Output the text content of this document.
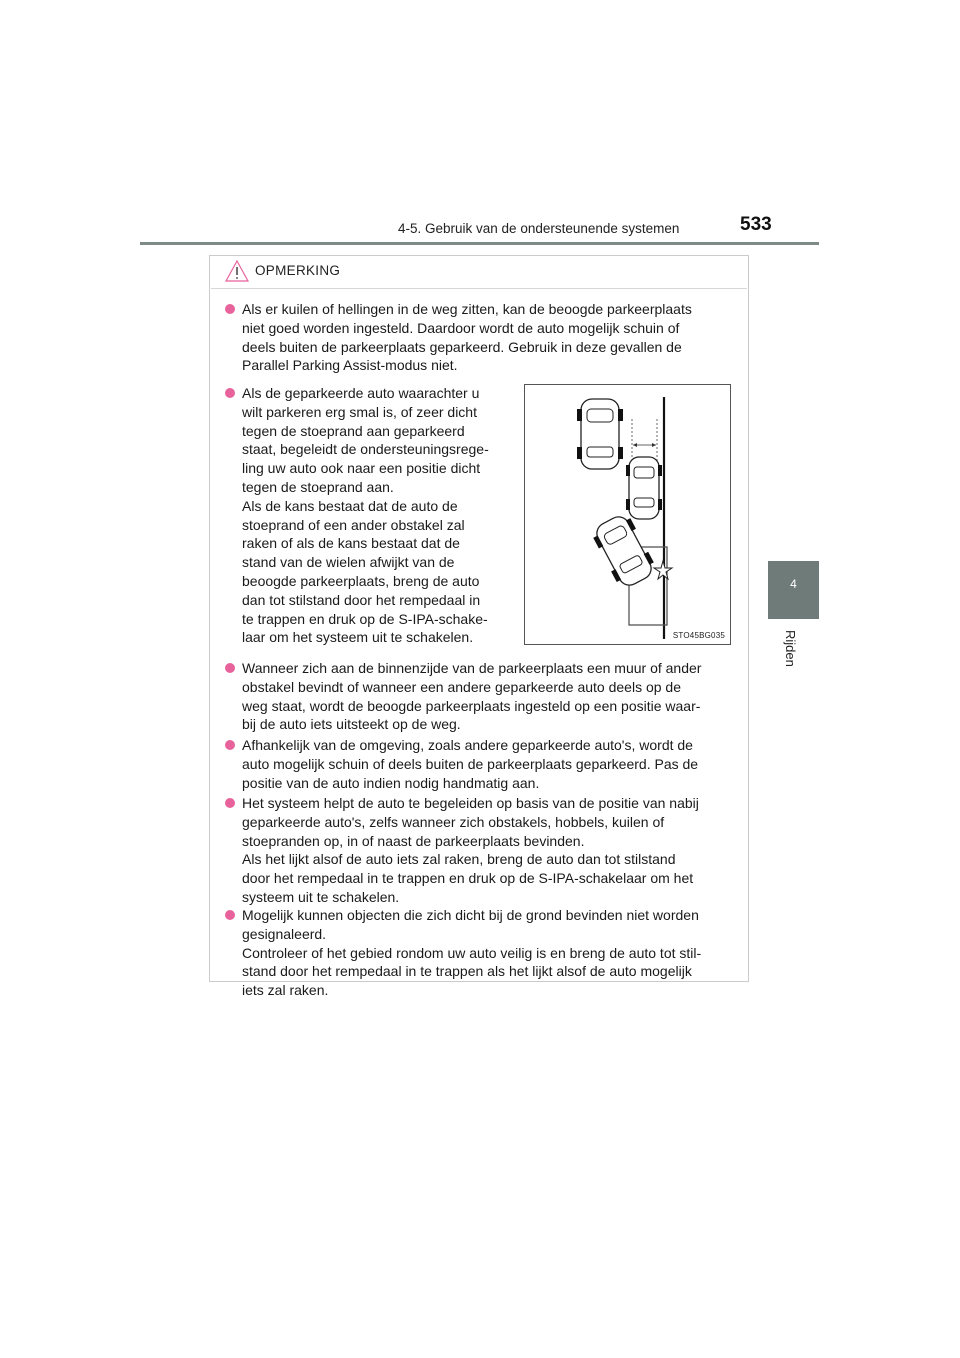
4-5. Gebruik van de ondersteunende systemen	533
4
Rijden
OPMERKING
Als er kuilen of hellingen in de weg zitten, kan de beoogde parkeerplaats
niet goed worden ingesteld. Daardoor wordt de auto mogelijk schuin of
deels buiten de parkeerplaats geparkeerd. Gebruik in deze gevallen de
Parallel Parking Assist-modus niet.
Als de geparkeerde auto waarachter u
wilt parkeren erg smal is, of zeer dicht
tegen de stoeprand aan geparkeerd
staat, begeleidt de ondersteuningsrege-
ling uw auto ook naar een positie dicht
tegen de stoeprand aan.
Als de kans bestaat dat de auto de
stoeprand of een ander obstakel zal
raken of als de kans bestaat dat de
stand van de wielen afwijkt van de
beoogde parkeerplaats, breng de auto
dan tot stilstand door het rempedaal in
te trappen en druk op de S-IPA-schake-
laar om het systeem uit te schakelen.	STO45BG035
Wanneer zich aan de binnenzijde van de parkeerplaats een muur of ander
obstakel bevindt of wanneer een andere geparkeerde auto deels op de
weg staat, wordt de beoogde parkeerplaats ingesteld op een positie waar-
bij de auto iets uitsteekt op de weg.
Afhankelijk van de omgeving, zoals andere geparkeerde auto's, wordt de
auto mogelijk schuin of deels buiten de parkeerplaats geparkeerd. Pas de
positie van de auto indien nodig handmatig aan.
Het systeem helpt de auto te begeleiden op basis van de positie van nabij
geparkeerde auto's, zelfs wanneer zich obstakels, hobbels, kuilen of
stoepranden op, in of naast de parkeerplaats bevinden.
Als het lijkt alsof de auto iets zal raken, breng de auto dan tot stilstand
door het rempedaal in te trappen en druk op de S-IPA-schakelaar om het
systeem uit te schakelen.
Mogelijk kunnen objecten die zich dicht bij de grond bevinden niet worden
gesignaleerd.
Controleer of het gebied rondom uw auto veilig is en breng de auto tot stil-
stand door het rempedaal in te trappen als het lijkt alsof de auto mogelijk
iets zal raken.
